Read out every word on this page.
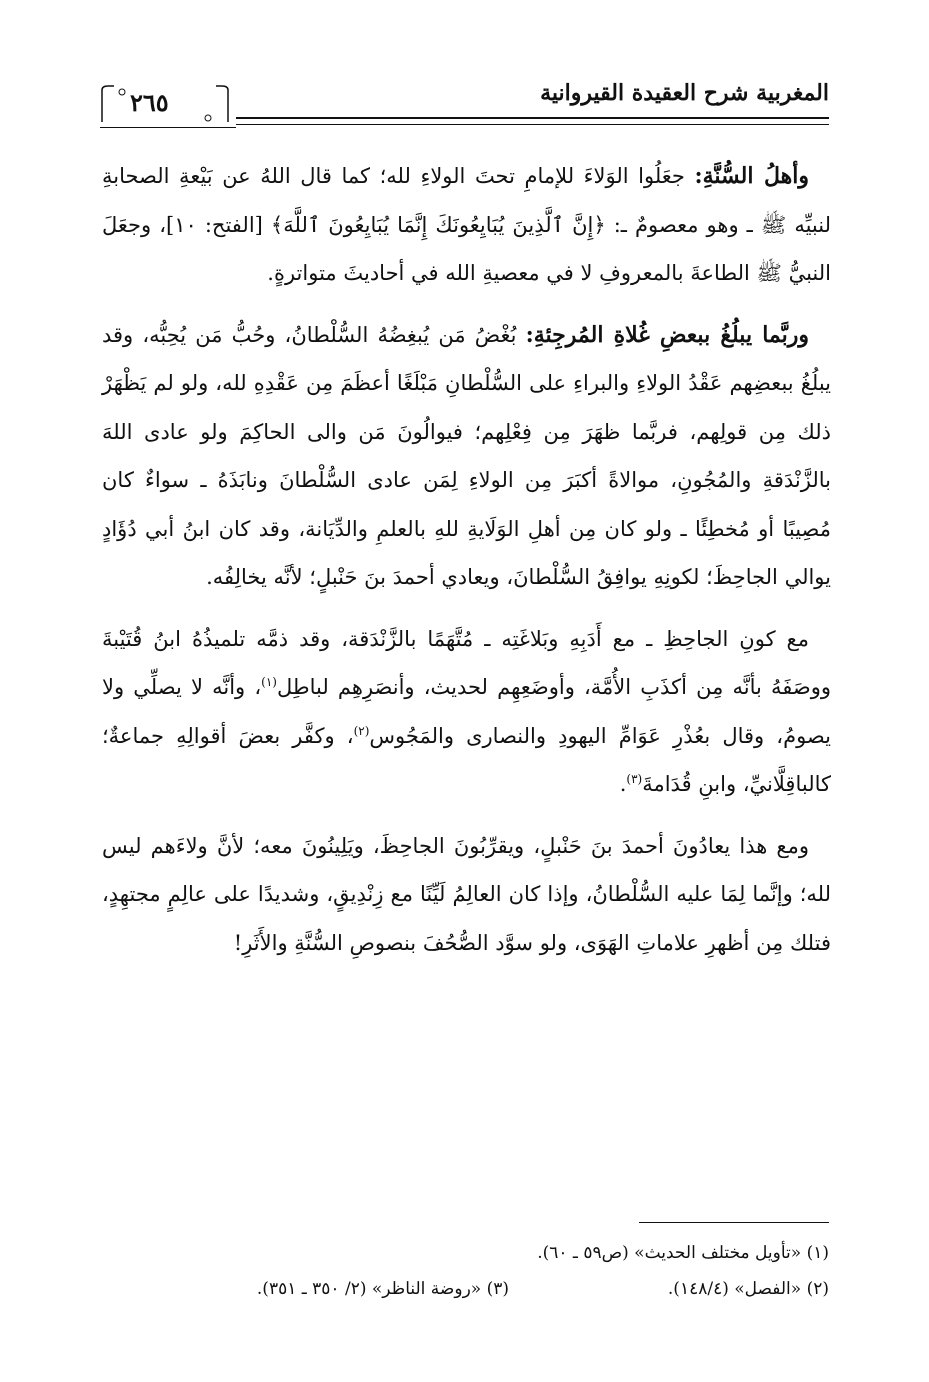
المغربية شرح العقيدة القيروانية
٢٦٥

وأهلُ السُّنَّةِ: جعَلُوا الوَلاءَ للإمامِ تحتَ الولاءِ لله؛ كما قال اللهُ عن بَيْعةِ الصحابةِ لنبيِّه ﷺ ـ وهو معصومٌ ـ: ﴿إِنَّ ٱلَّذِينَ يُبَايِعُونَكَ إِنَّمَا يُبَايِعُونَ ٱللَّهَ﴾ [الفتح: ١٠]، وجعَلَ النبيُّ ﷺ الطاعةَ بالمعروفِ لا في معصيةِ الله في أحاديثَ متواترةٍ.

وربَّما يبلُغُ ببعضِ غُلاةِ المُرجِئةِ: بُغْضُ مَن يُبغِضُهُ السُّلْطانُ، وحُبُّ مَن يُحِبُّه، وقد يبلُغُ ببعضِهم عَقْدُ الولاءِ والبراءِ على السُّلْطانِ مَبْلَغًا أعظَمَ مِن عَقْدِهِ لله، ولو لم يَظْهَرْ ذلك مِن قولِهم، فربَّما ظهَرَ مِن فِعْلِهم؛ فيوالُونَ مَن والى الحاكِمَ ولو عادى اللهَ بالزَّنْدَقةِ والمُجُونِ، موالاةً أكبَرَ مِن الولاءِ لِمَن عادى السُّلْطانَ ونابَذَهُ ـ سواءٌ كان مُصِيبًا أو مُخطِئًا ـ ولو كان مِن أهلِ الوَلَايةِ للهِ بالعلمِ والدِّيَانة، وقد كان ابنُ أبي دُؤَادٍ يوالي الجاحِظَ؛ لكونِهِ يوافِقُ السُّلْطانَ، ويعادي أحمدَ بنَ حَنْبلٍ؛ لأنَّه يخالِفُه.

مع كونِ الجاحِظِ ـ مع أَدَبِهِ وبَلاغَتِه ـ مُتَّهَمًا بالزَّنْدَقة، وقد ذمَّه تلميذُهُ ابنُ قُتَيْبةَ ووصَفَهُ بأنَّه مِن أكذَبِ الأُمَّة، وأوضَعِهِم لحديث، وأنصَرِهِم لباطِل$^{(١)}$، وأنَّه لا يصلِّي ولا يصومُ، وقال بعُذْرِ عَوَامِّ اليهودِ والنصارى والمَجُوس$^{(٢)}$، وكفَّر بعضَ أقوالِهِ جماعةٌ؛ كالباقِلَّانيِّ، وابنِ قُدَامةَ$^{(٣)}$.

ومع هذا يعادُونَ أحمدَ بنَ حَنْبلٍ، ويقرِّبُونَ الجاحِظَ، ويَلِينُونَ معه؛ لأنَّ ولاءَهم ليس لله؛ وإنَّما لِمَا عليه السُّلْطانُ، وإذا كان العالِمُ لَيِّنًا مع زِنْدِيقٍ، وشديدًا على عالِمٍ مجتهِدٍ، فتلك مِن أظهرِ علاماتِ الهَوَى، ولو سوَّد الصُّحُفَ بنصوصِ السُّنَّةِ والأَثَرِ!

(١) «تأويل مختلف الحديث» (ص٥٩ ـ ٦٠).
(٢) «الفصل» (١٤٨/٤).
(٣) «روضة الناظر» (٢/ ٣٥٠ ـ ٣٥١).
